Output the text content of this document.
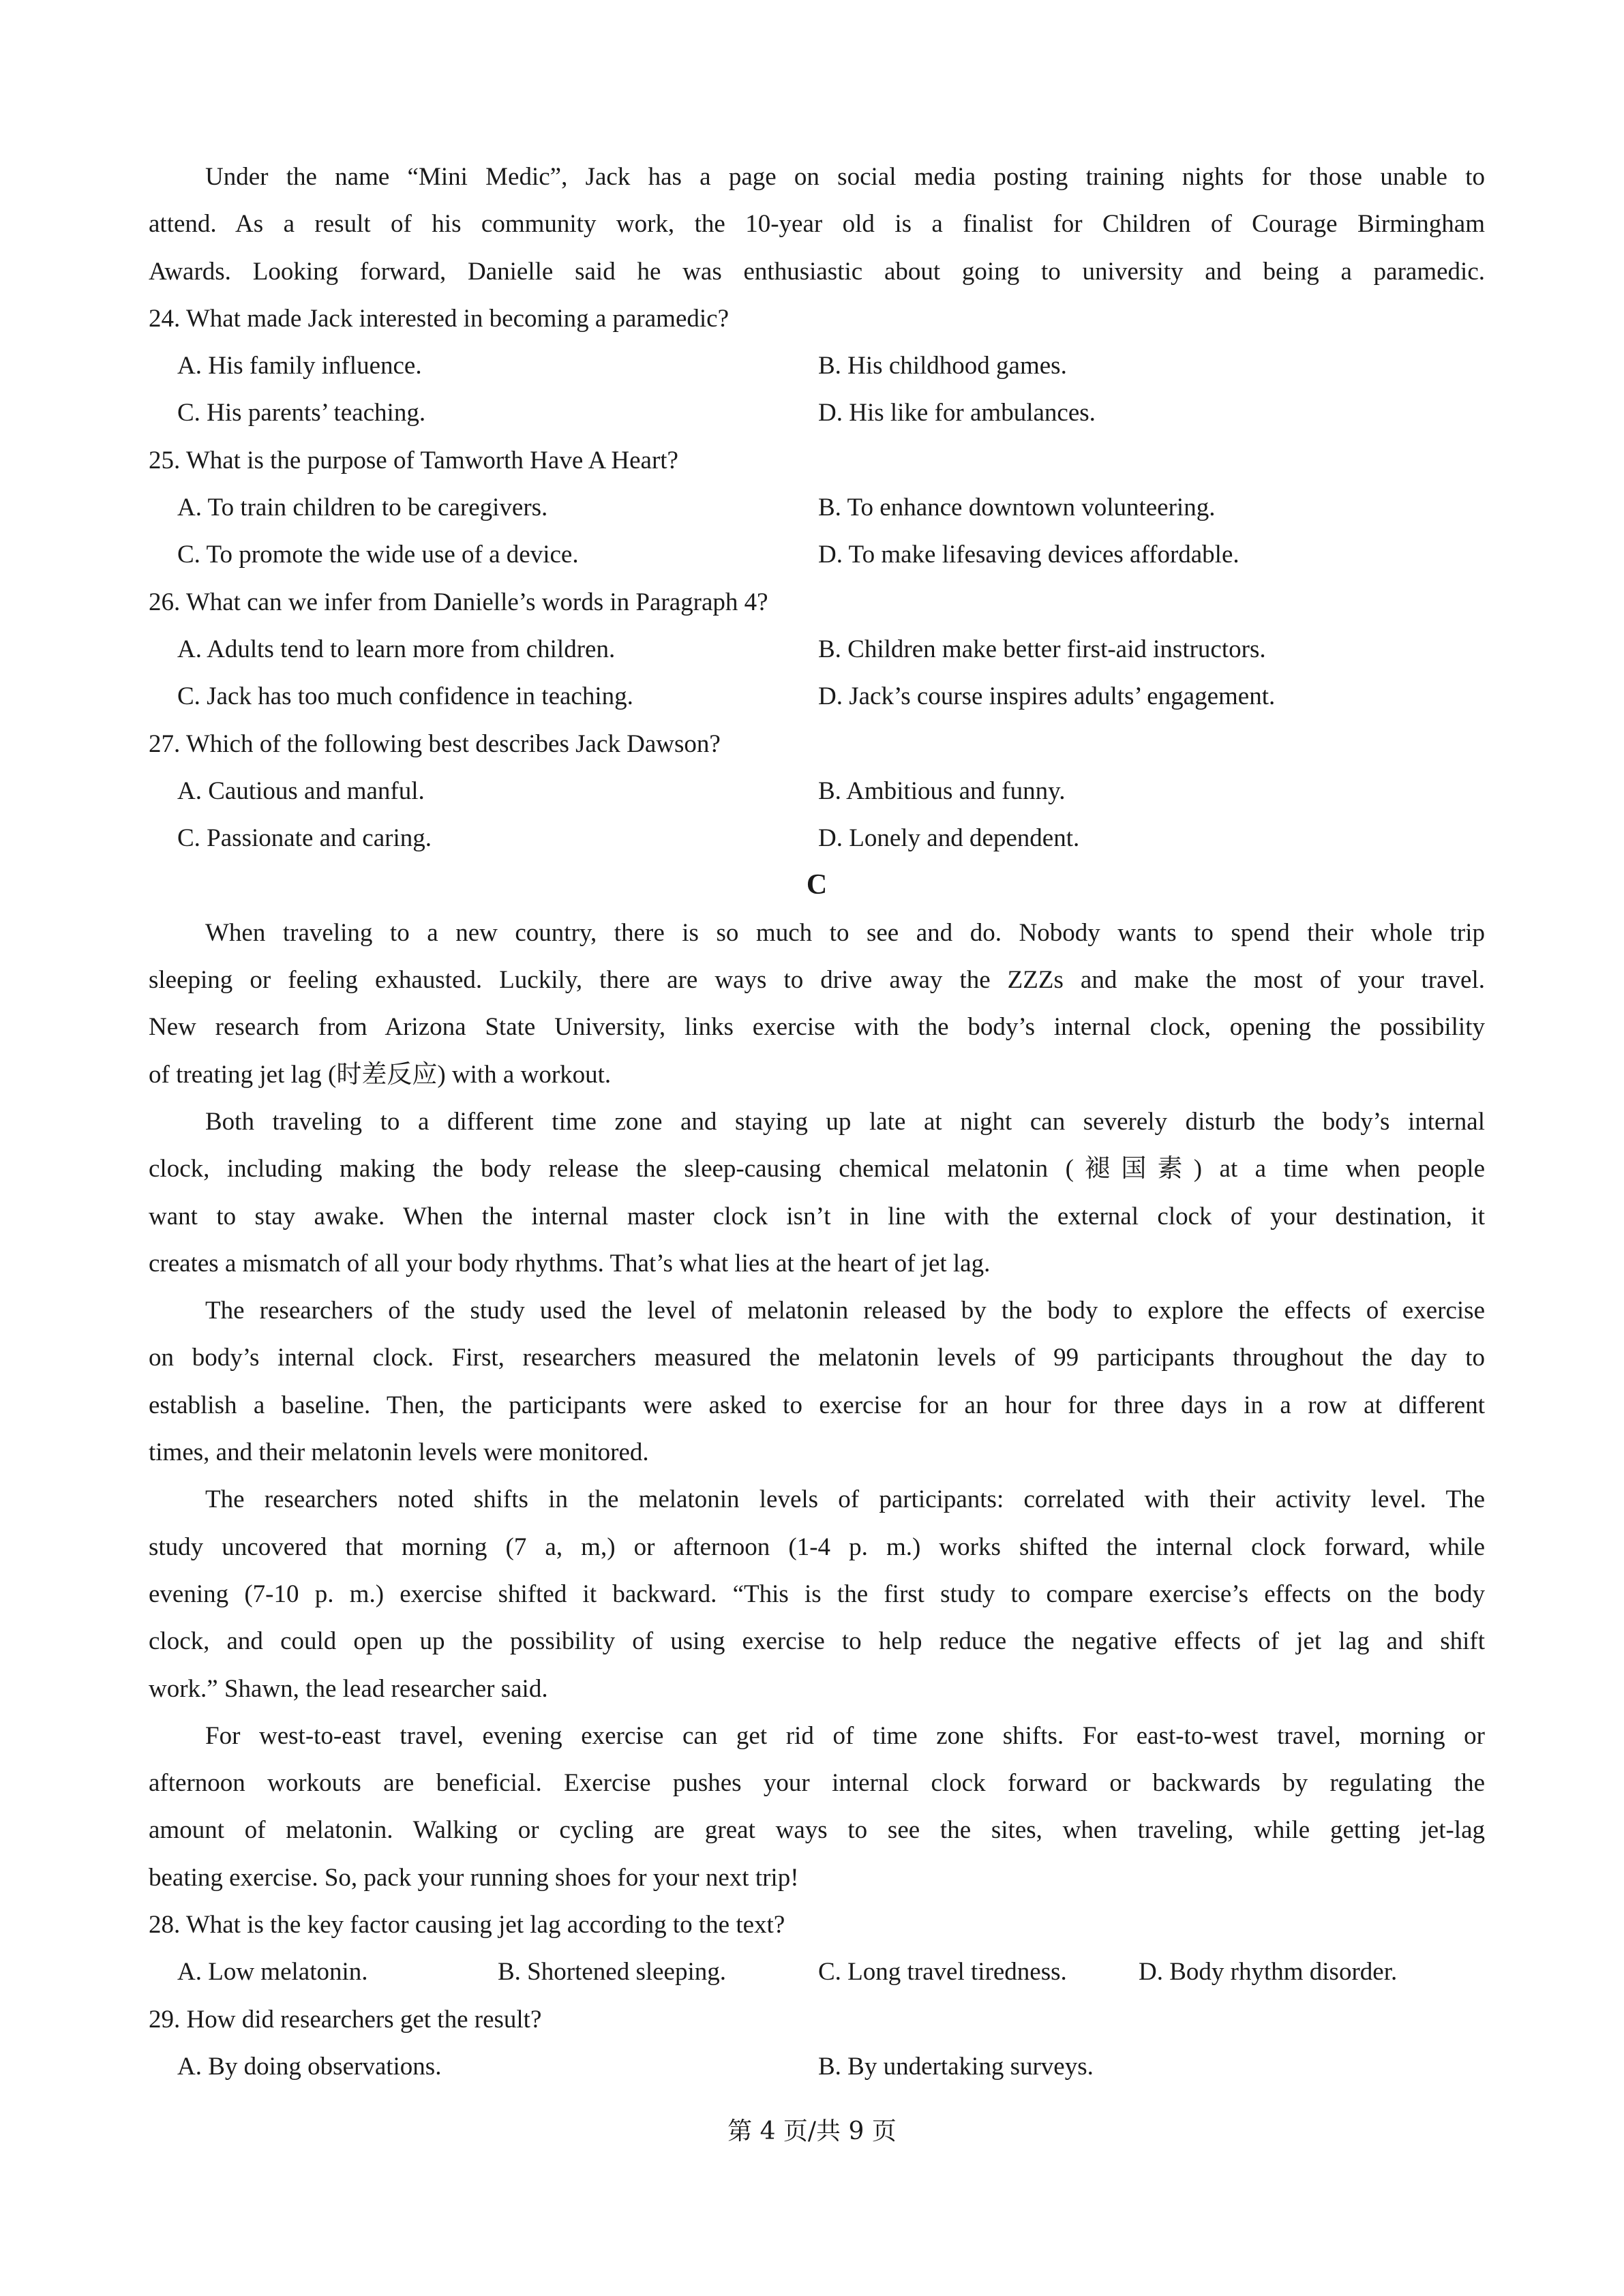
Under the name “Mini Medic”, Jack has a page on social media posting training nights for those unable to
attend. As a result of his community work, the 10-year old is a finalist for Children of Courage Birmingham
Awards. Looking forward, Danielle said he was enthusiastic about going to university and being a paramedic.
24. What made Jack interested in becoming a paramedic?
A. His family influence.	B. His childhood games.
C. His parents’ teaching.	D. His like for ambulances.
25. What is the purpose of Tamworth Have A Heart?
A. To train children to be caregivers.	B. To enhance downtown volunteering.
C. To promote the wide use of a device.	D. To make lifesaving devices affordable.
26. What can we infer from Danielle’s words in Paragraph 4?
A. Adults tend to learn more from children.	B. Children make better first-aid instructors.
C. Jack has too much confidence in teaching.	D. Jack’s course inspires adults’ engagement.
27. Which of the following best describes Jack Dawson?
A. Cautious and manful.	B. Ambitious and funny.
C. Passionate and caring.	D. Lonely and dependent.
C
When traveling to a new country, there is so much to see and do. Nobody wants to spend their whole trip
sleeping or feeling exhausted. Luckily, there are ways to drive away the ZZZs and make the most of your travel.
New research from Arizona State University, links exercise with the body’s internal clock, opening the possibility
of treating jet lag (时差反应) with a workout.
Both traveling to a different time zone and staying up late at night can severely disturb the body’s internal
clock, including making the body release the sleep-causing chemical melatonin (褪国素) at a time when people
want to stay awake. When the internal master clock isn’t in line with the external clock of your destination, it
creates a mismatch of all your body rhythms. That’s what lies at the heart of jet lag.
The researchers of the study used the level of melatonin released by the body to explore the effects of exercise
on body’s internal clock. First, researchers measured the melatonin levels of 99 participants throughout the day to
establish a baseline. Then, the participants were asked to exercise for an hour for three days in a row at different
times, and their melatonin levels were monitored.
The researchers noted shifts in the melatonin levels of participants: correlated with their activity level. The
study uncovered that morning (7 a, m,) or afternoon (1-4 p. m.) works shifted the internal clock forward, while
evening (7-10 p. m.) exercise shifted it backward. “This is the first study to compare exercise’s effects on the body
clock, and could open up the possibility of using exercise to help reduce the negative effects of jet lag and shift
work.” Shawn, the lead researcher said.
For west-to-east travel, evening exercise can get rid of time zone shifts. For east-to-west travel, morning or
afternoon workouts are beneficial. Exercise pushes your internal clock forward or backwards by regulating the
amount of melatonin. Walking or cycling are great ways to see the sites, when traveling, while getting jet-lag
beating exercise. So, pack your running shoes for your next trip!
28. What is the key factor causing jet lag according to the text?
A. Low melatonin.	B. Shortened sleeping.	C. Long travel tiredness.	D. Body rhythm disorder.
29. How did researchers get the result?
A. By doing observations.	B. By undertaking surveys.
第 4 页/共 9 页
